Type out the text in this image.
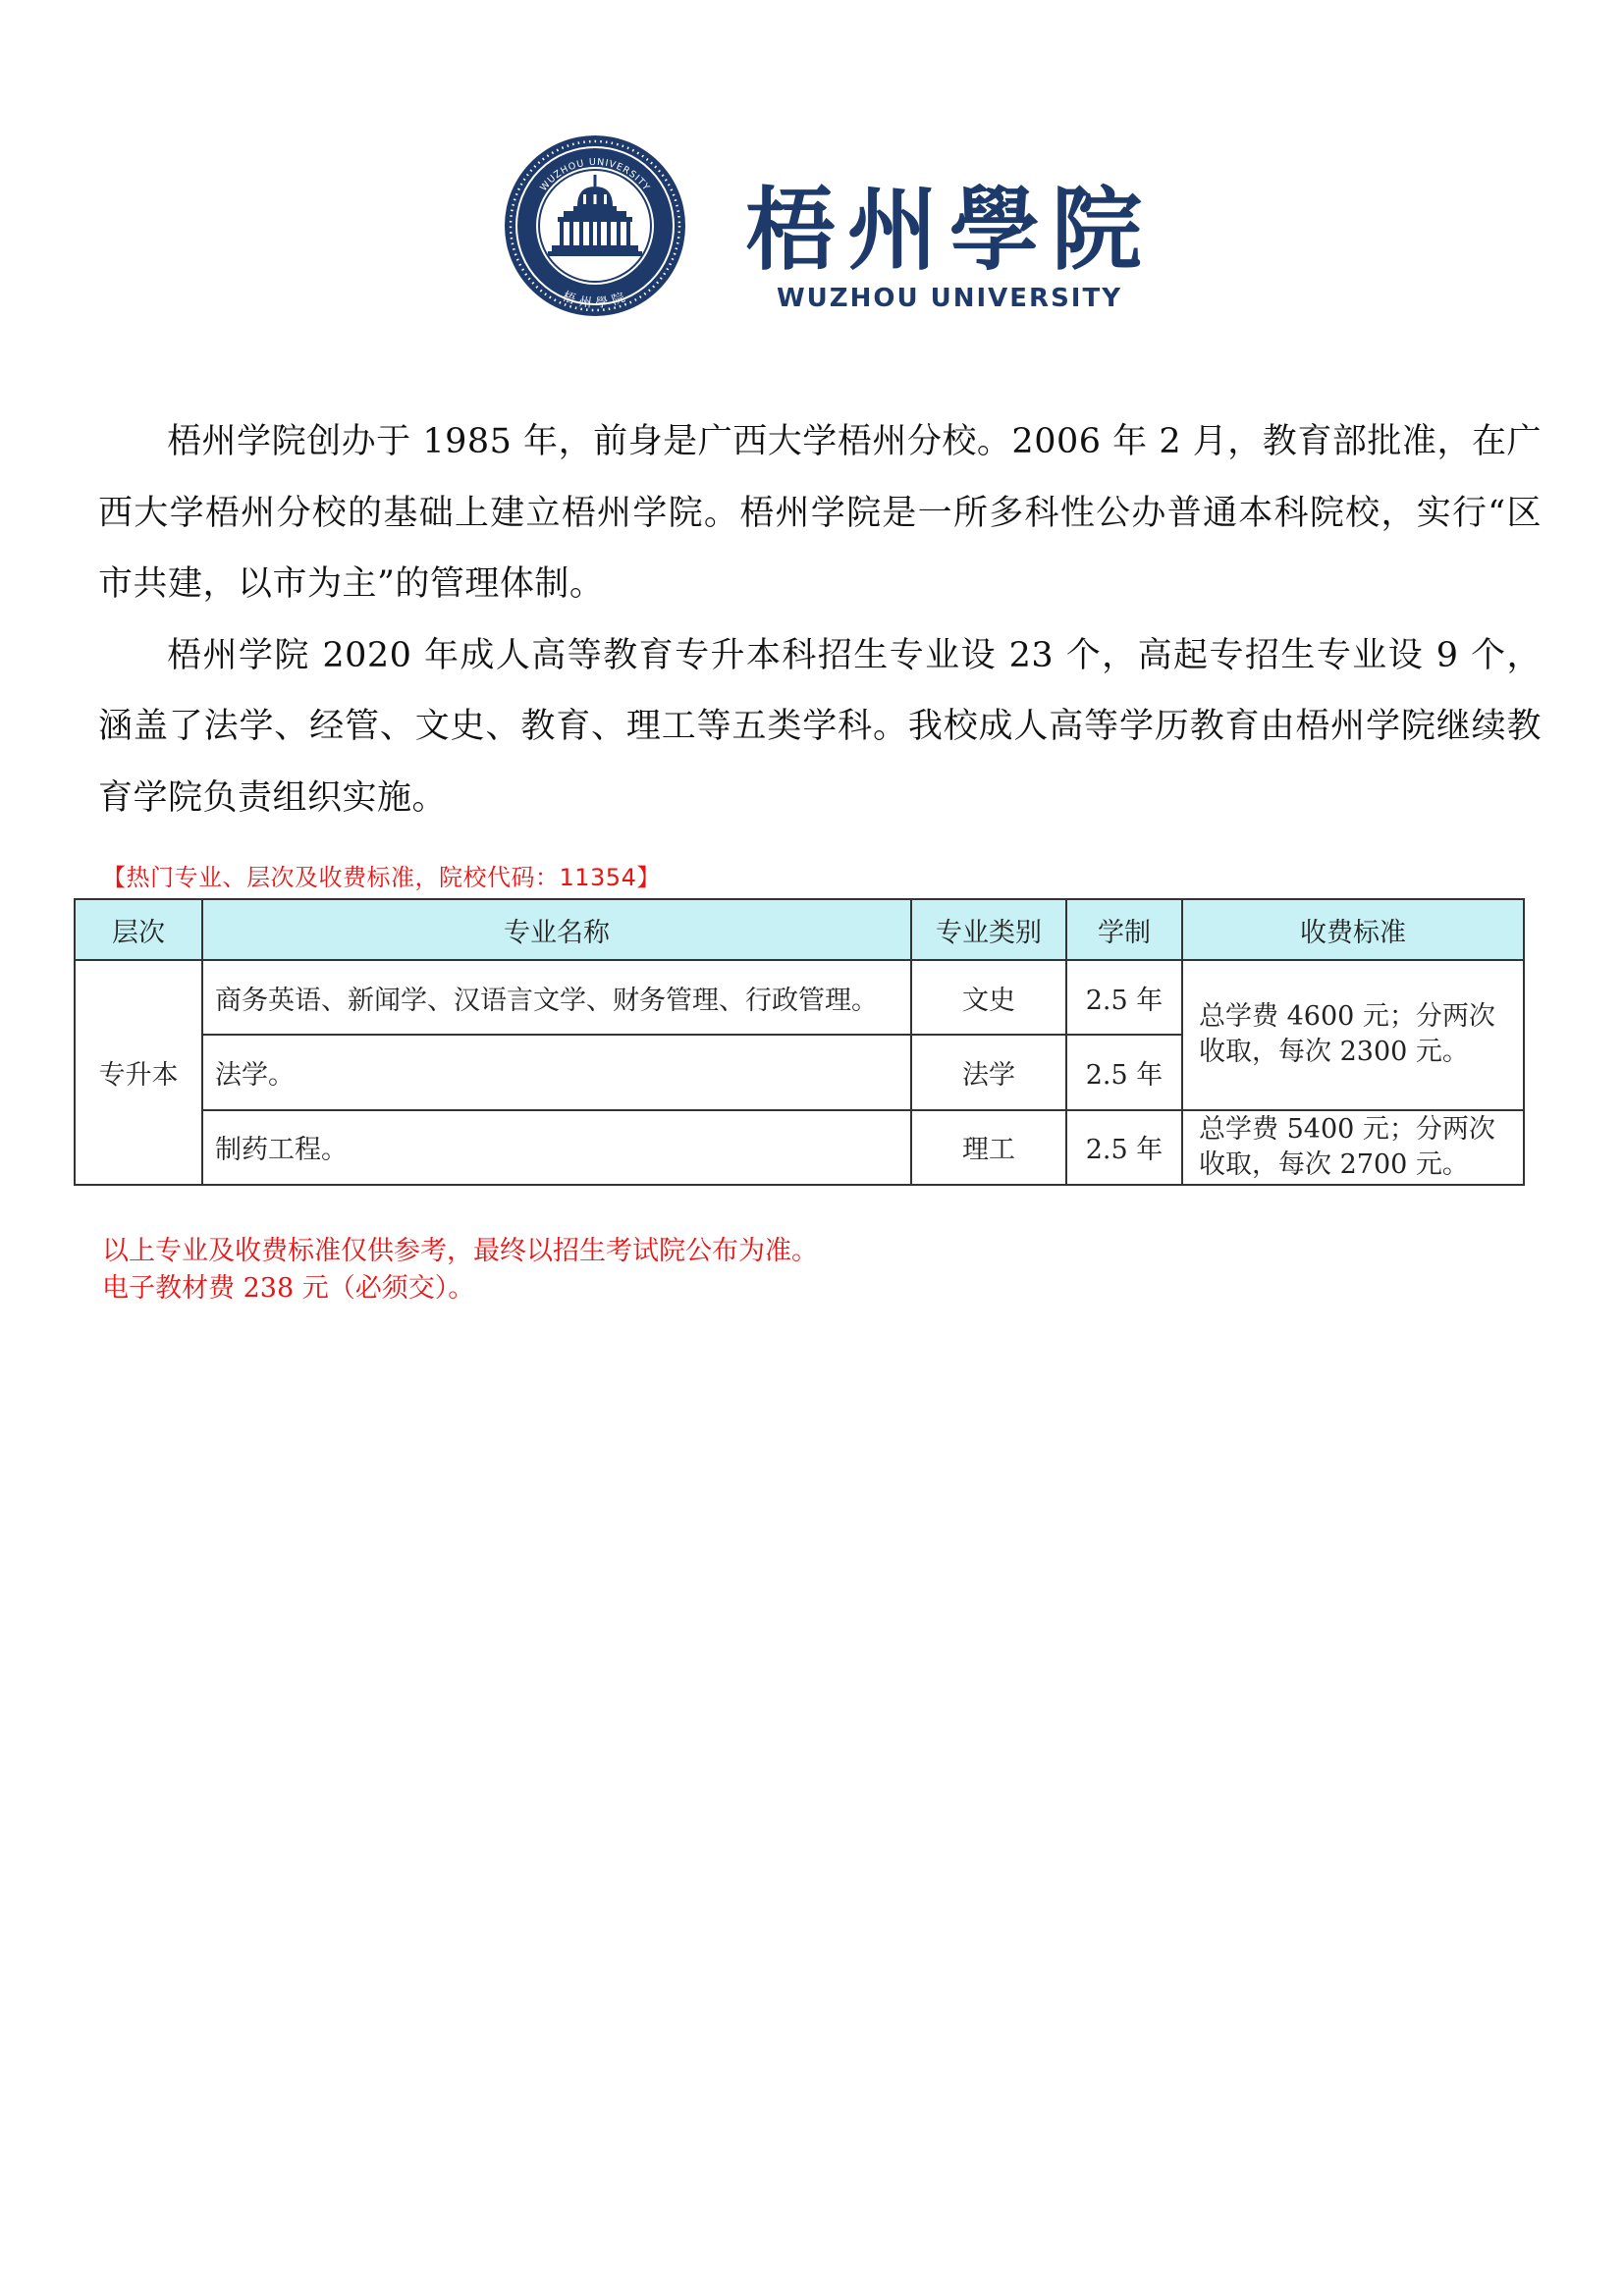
WUZHOU UNIVERSITY
梧州學院
梧州學院
WUZHOU UNIVERSITY

梧州学院创办于 1985 年，前身是广西大学梧州分校。2006 年 2 月，教育部批准，在广西大学梧州分校的基础上建立梧州学院。梧州学院是一所多科性公办普通本科院校，实行“区市共建，以市为主”的管理体制。

梧州学院 2020 年成人高等教育专升本科招生专业设 23 个，高起专招生专业设 9 个，涵盖了法学、经管、文史、教育、理工等五类学科。我校成人高等学历教育由梧州学院继续教育学院负责组织实施。

【热门专业、层次及收费标准，院校代码：11354】
层次	专业名称	专业类别	学制	收费标准
专升本	商务英语、新闻学、汉语言文学、财务管理、行政管理。	文史	2.5 年	总学费 4600 元；分两次收取，每次 2300 元。
	法学。	法学	2.5 年	
	制药工程。	理工	2.5 年	总学费 5400 元；分两次收取，每次 2700 元。
以上专业及收费标准仅供参考，最终以招生考试院公布为准。
电子教材费 238 元（必须交）。
